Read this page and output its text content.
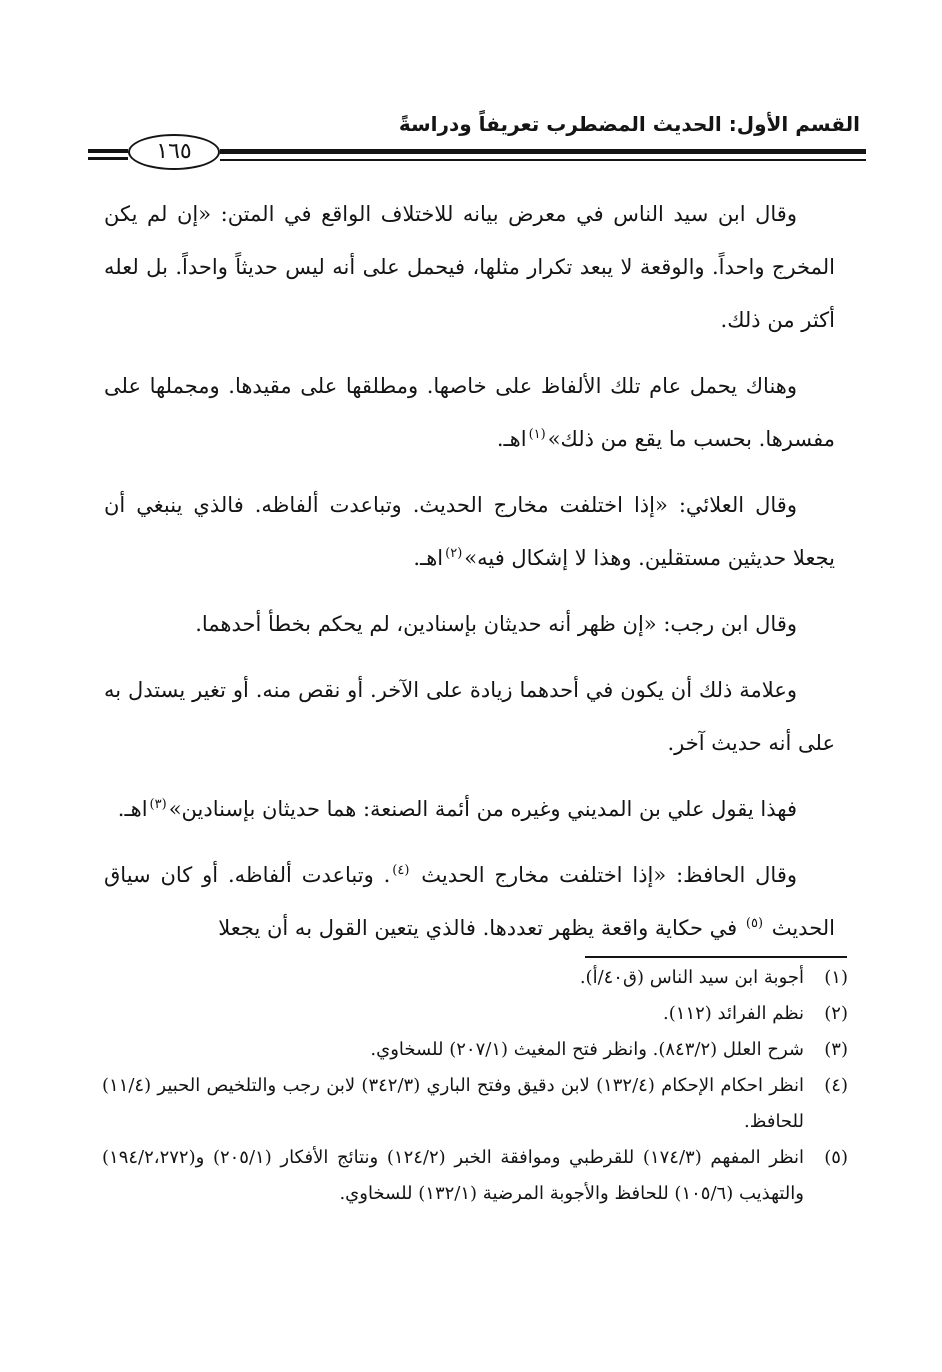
القسم الأول: الحديث المضطرب تعريفاً ودراسةً
١٦٥

وقال ابن سيد الناس في معرض بيانه للاختلاف الواقع في المتن: «إن لم يكن المخرج واحداً. والوقعة لا يبعد تكرار مثلها، فيحمل على أنه ليس حديثاً واحداً. بل لعله أكثر من ذلك.

وهناك يحمل عام تلك الألفاظ على خاصها. ومطلقها على مقيدها. ومجملها على مفسرها. بحسب ما يقع من ذلك»$^{(١)}$اهـ.

وقال العلائي: «إذا اختلفت مخارج الحديث. وتباعدت ألفاظه. فالذي ينبغي أن يجعلا حديثين مستقلين. وهذا لا إشكال فيه»$^{(٢)}$اهـ.

وقال ابن رجب: «إن ظهر أنه حديثان بإسنادين، لم يحكم بخطأ أحدهما.

وعلامة ذلك أن يكون في أحدهما زيادة على الآخر. أو نقص منه. أو تغير يستدل به على أنه حديث آخر.

فهذا يقول علي بن المديني وغيره من أئمة الصنعة: هما حديثان بإسنادين»$^{(٣)}$اهـ.

وقال الحافظ: «إذا اختلفت مخارج الحديث $^{(٤)}$. وتباعدت ألفاظه. أو كان سياق الحديث $^{(٥)}$ في حكاية واقعة يظهر تعددها. فالذي يتعين القول به أن يجعلا

(١)
أجوبة ابن سيد الناس (ق٤٠/أ).
(٢)
نظم الفرائد (١١٢).
(٣)
شرح العلل (٨٤٣/٢). وانظر فتح المغيث (٢٠٧/١) للسخاوي.
(٤)
انظر احكام الإحكام (١٣٢/٤) لابن دقيق وفتح الباري (٣٤٢/٣) لابن رجب والتلخيص الحبير (١١/٤) للحافظ.
(٥)
انظر المفهم (١٧٤/٣) للقرطبي وموافقة الخبر (١٢٤/٢) ونتائج الأفكار (٢٠٥/١) و(١٩٤/٢،٢٧٢) والتهذيب (١٠٥/٦) للحافظ والأجوبة المرضية (١٣٢/١) للسخاوي.
